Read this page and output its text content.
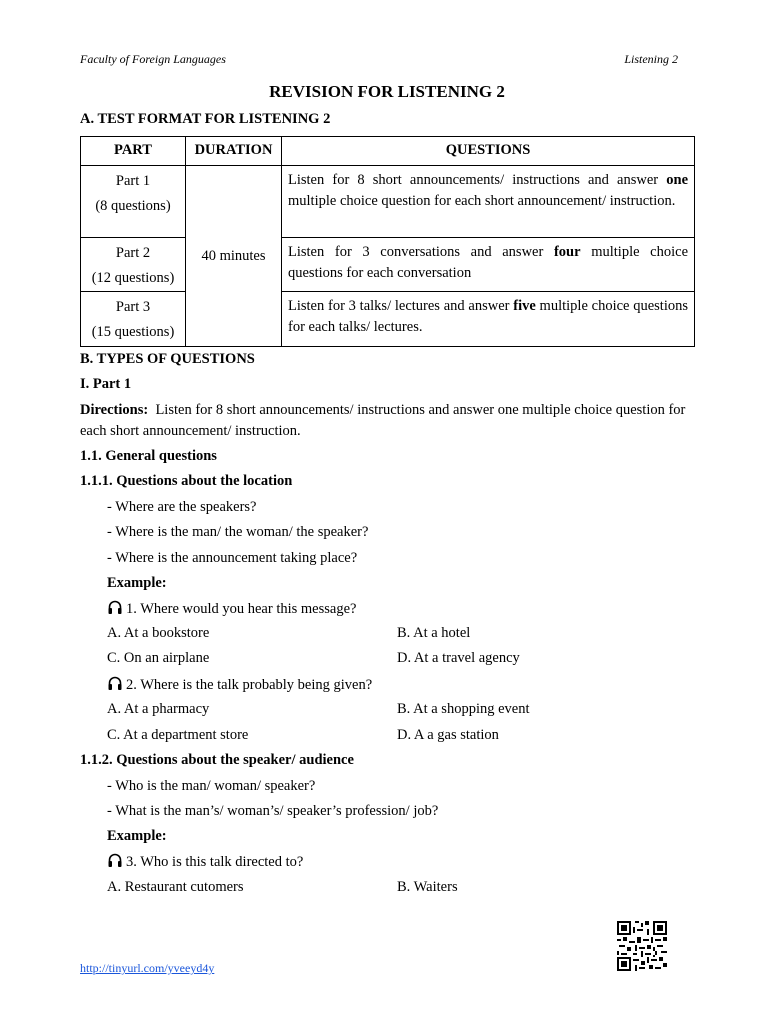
Faculty of Foreign Languages	Listening 2
REVISION FOR LISTENING 2
A. TEST FORMAT FOR LISTENING 2
PART	DURATION	QUESTIONS

Part 1
(8 questions)	40 minutes	Listen for 8 short announcements/ instructions and answer one multiple choice question for each short announcement/ instruction.

Part 2
(12 questions)		Listen for 3 conversations and answer four multiple choice questions for each conversation

Part 3
(15 questions)		Listen for 3 talks/ lectures and answer five multiple choice questions for each talks/ lectures.
B. TYPES OF QUESTIONS
I. Part 1
Directions: Listen for 8 short announcements/ instructions and answer one multiple choice question for each short announcement/ instruction.
1.1. General questions
1.1.1. Questions about the location
- Where are the speakers?
- Where is the man/ the woman/ the speaker?
- Where is the announcement taking place?
Example:
1. Where would you hear this message?
A. At a bookstore	B. At a hotel
C. On an airplane	D. At a travel agency
2. Where is the talk probably being given?
A. At a pharmacy	B. At a shopping event
C. At a department store	D. A a gas station
1.1.2. Questions about the speaker/ audience
- Who is the man/ woman/ speaker?
- What is the man’s/ woman’s/ speaker’s profession/ job?
Example:
3. Who is this talk directed to?
A. Restaurant cutomers	B. Waiters
http://tinyurl.com/yveeyd4y
